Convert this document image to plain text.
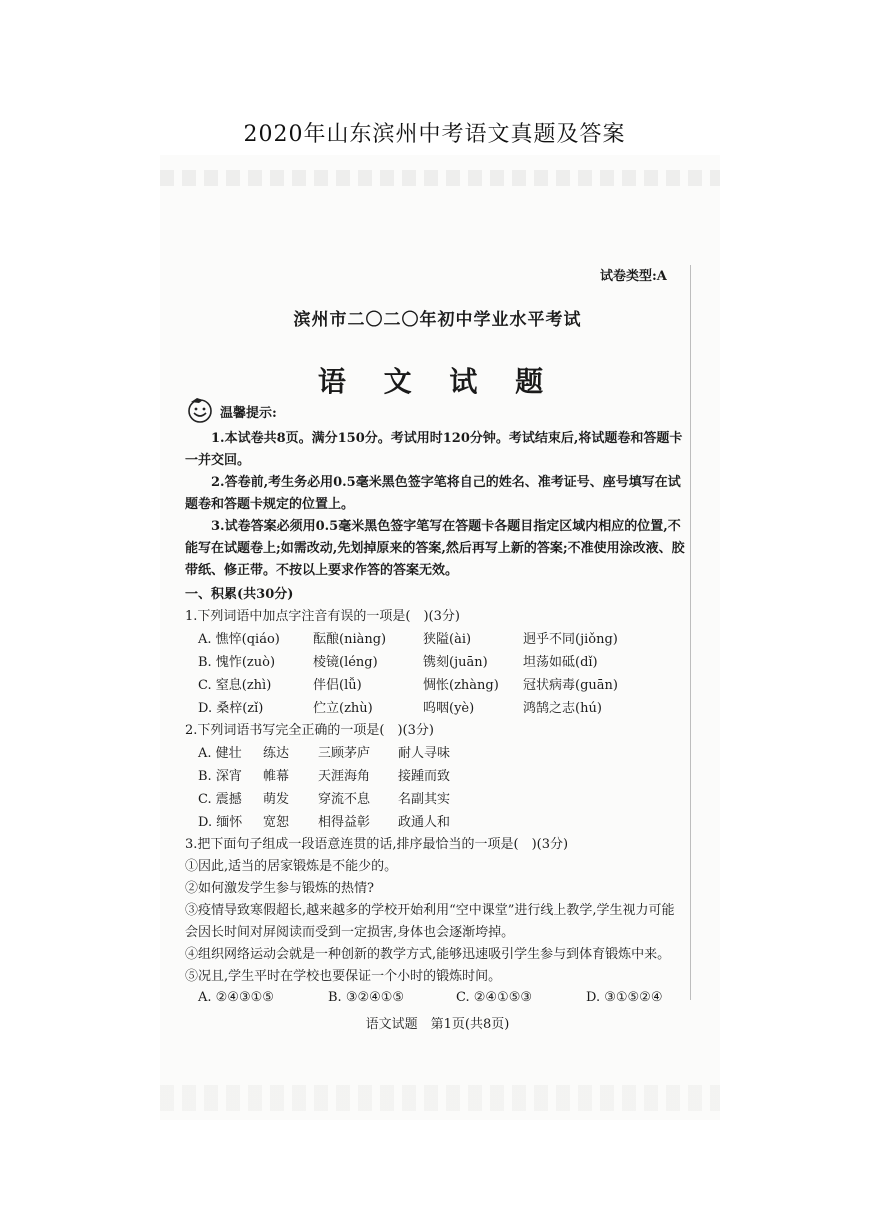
2020年山东滨州中考语文真题及答案
试卷类型:A
滨州市二〇二〇年初中学业水平考试
语 文 试 题
温馨提示:
1.本试卷共8页。满分150分。考试用时120分钟。考试结束后,将试题卷和答题卡一并交回。
2.答卷前,考生务必用0.5毫米黑色签字笔将自己的姓名、准考证号、座号填写在试题卷和答题卡规定的位置上。
3.试卷答案必须用0.5毫米黑色签字笔写在答题卡各题目指定区域内相应的位置,不能写在试题卷上;如需改动,先划掉原来的答案,然后再写上新的答案;不准使用涂改液、胶带纸、修正带。不按以上要求作答的答案无效。
一、积累(共30分)
1.下列词语中加点字注音有误的一项是(　)(3分)
A. 憔悴(qiáo)	酝酿(niàng)	狭隘(ài)	迥乎不同(jiǒng)
B. 愧怍(zuò)	棱镜(léng)	镌刻(juān)	坦荡如砥(dǐ)
C. 窒息(zhì)	伴侣(lǚ)	惆怅(zhàng) 冠状病毒(guān)
D. 桑梓(zǐ)	伫立(zhù)	呜咽(yè)	鸿鹄之志(hú)
2.下列词语书写完全正确的一项是(　)(3分)
A. 健壮 练达 三顾茅庐 耐人寻味
B. 深宵 帷幕 天涯海角 接踵而致
C. 震撼 萌发 穿流不息 名副其实
D. 缅怀 宽恕 相得益彰 政通人和
3.把下面句子组成一段语意连贯的话,排序最恰当的一项是(　)(3分)
①因此,适当的居家锻炼是不能少的。
②如何激发学生参与锻炼的热情?
③疫情导致寒假超长,越来越多的学校开始利用“空中课堂”进行线上教学,学生视力可能会因长时间对屏阅读而受到一定损害,身体也会逐渐垮掉。
④组织网络运动会就是一种创新的教学方式,能够迅速吸引学生参与到体育锻炼中来。
⑤况且,学生平时在学校也要保证一个小时的锻炼时间。
A. ②④③①⑤	B. ③②④①⑤	C. ②④①⑤③	D. ③①⑤②④
语文试题　第1页(共8页)
